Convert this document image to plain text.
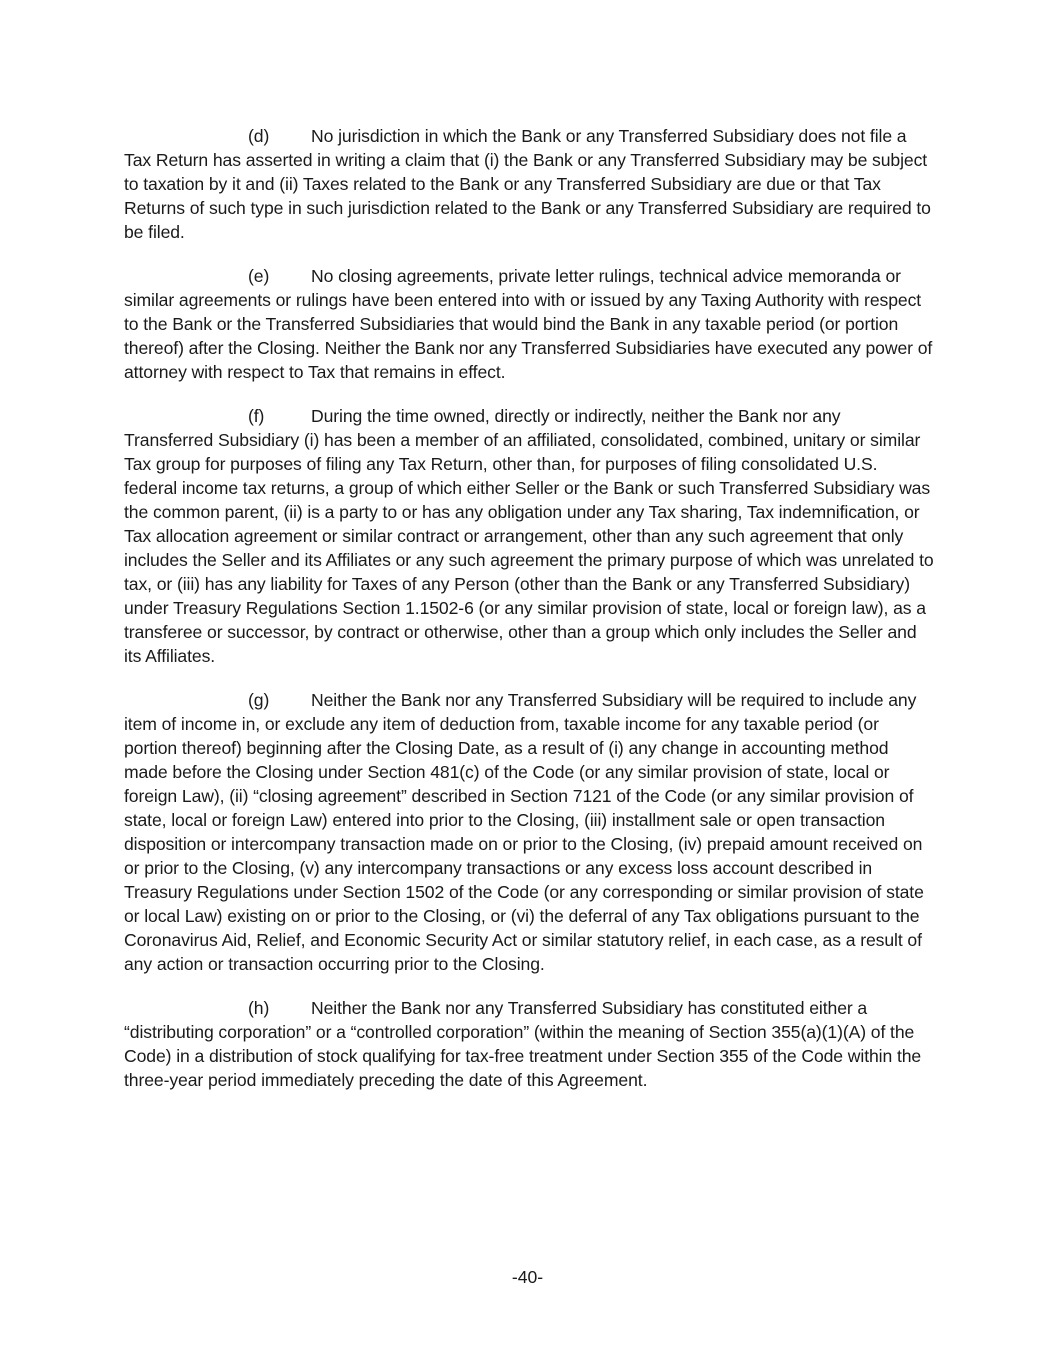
(d) No jurisdiction in which the Bank or any Transferred Subsidiary does not file a Tax Return has asserted in writing a claim that (i) the Bank or any Transferred Subsidiary may be subject to taxation by it and (ii) Taxes related to the Bank or any Transferred Subsidiary are due or that Tax Returns of such type in such jurisdiction related to the Bank or any Transferred Subsidiary are required to be filed.

(e) No closing agreements, private letter rulings, technical advice memoranda or similar agreements or rulings have been entered into with or issued by any Taxing Authority with respect to the Bank or the Transferred Subsidiaries that would bind the Bank in any taxable period (or portion thereof) after the Closing. Neither the Bank nor any Transferred Subsidiaries have executed any power of attorney with respect to Tax that remains in effect.

(f)	During the time owned, directly or indirectly, neither the Bank nor any Transferred Subsidiary (i) has been a member of an affiliated, consolidated, combined, unitary or similar Tax group for purposes of filing any Tax Return, other than, for purposes of filing consolidated U.S. federal income tax returns, a group of which either Seller or the Bank or such Transferred Subsidiary was the common parent, (ii) is a party to or has any obligation under any Tax sharing, Tax indemnification, or Tax allocation agreement or similar contract or arrangement, other than any such agreement that only includes the Seller and its Affiliates or any such agreement the primary purpose of which was unrelated to tax, or (iii) has any liability for Taxes of any Person (other than the Bank or any Transferred Subsidiary) under Treasury Regulations Section 1.1502-6 (or any similar provision of state, local or foreign law), as a transferee or successor, by contract or otherwise, other than a group which only includes the Seller and its Affiliates.

(g) Neither the Bank nor any Transferred Subsidiary will be required to include any item of income in, or exclude any item of deduction from, taxable income for any taxable period (or portion thereof) beginning after the Closing Date, as a result of (i) any change in accounting method made before the Closing under Section 481(c) of the Code (or any similar provision of state, local or foreign Law), (ii) “closing agreement” described in Section 7121 of the Code (or any similar provision of state, local or foreign Law) entered into prior to the Closing, (iii) installment sale or open transaction disposition or intercompany transaction made on or prior to the Closing, (iv) prepaid amount received on or prior to the Closing, (v) any intercompany transactions or any excess loss account described in Treasury Regulations under Section 1502 of the Code (or any corresponding or similar provision of state or local Law) existing on or prior to the Closing, or (vi) the deferral of any Tax obligations pursuant to the Coronavirus Aid, Relief, and Economic Security Act or similar statutory relief, in each case, as a result of any action or transaction occurring prior to the Closing.

(h) Neither the Bank nor any Transferred Subsidiary has constituted either a “distributing corporation” or a “controlled corporation” (within the meaning of Section 355(a)(1)(A) of the Code) in a distribution of stock qualifying for tax-free treatment under Section 355 of the Code within the three-year period immediately preceding the date of this Agreement.

-40-
